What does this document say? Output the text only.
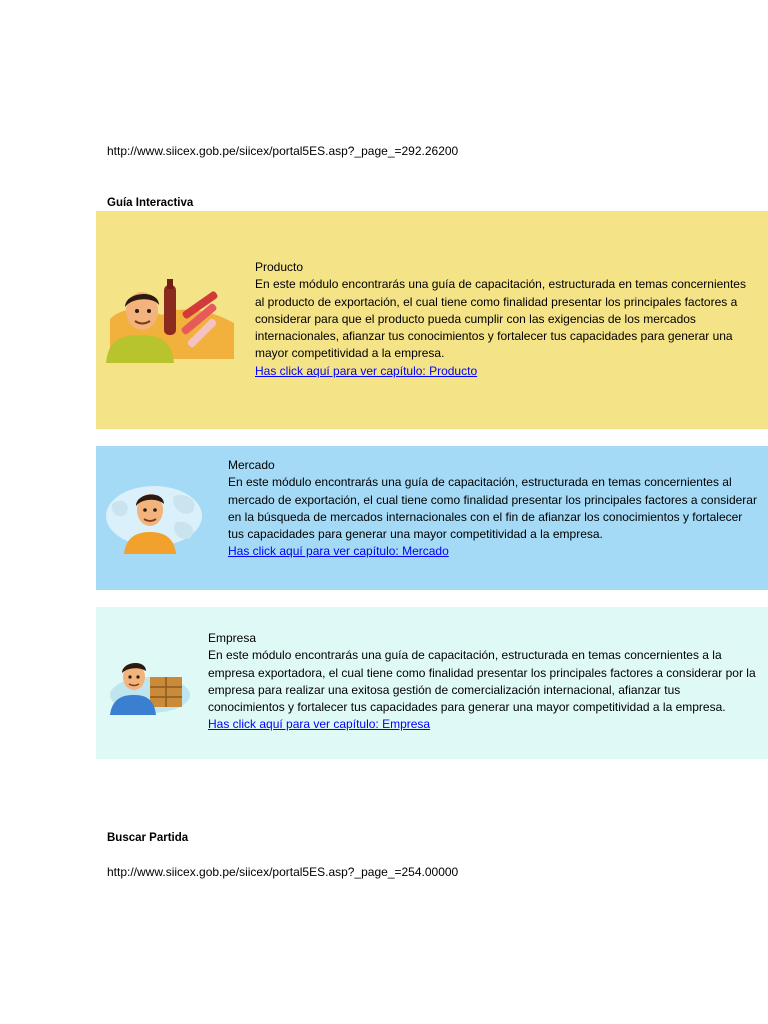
http://www.siicex.gob.pe/siicex/portal5ES.asp?_page_=292.26200

Guía Interactiva

Producto
En este módulo encontrarás una guía de capacitación, estructurada en temas concernientes al producto de exportación, el cual tiene como finalidad presentar los principales factores a considerar para que el producto pueda cumplir con las exigencias de los mercados internacionales, afianzar tus conocimientos y fortalecer tus capacidades para generar una mayor competitividad a la empresa.
Has click aquí para ver capítulo: Producto
Mercado
En este módulo encontrarás una guía de capacitación, estructurada en temas concernientes al mercado de exportación, el cual tiene como finalidad presentar los principales factores a considerar en la búsqueda de mercados internacionales con el fin de afianzar los conocimientos y fortalecer tus capacidades para generar una mayor competitividad a la empresa.
Has click aquí para ver capítulo: Mercado
Empresa
En este módulo encontrarás una guía de capacitación, estructurada en temas concernientes a la empresa exportadora, el cual tiene como finalidad presentar los principales factores a considerar por la empresa para realizar una exitosa gestión de comercialización internacional, afianzar tus conocimientos y fortalecer tus capacidades para generar una mayor competitividad a la empresa.
Has click aquí para ver capítulo: Empresa

Buscar Partida

http://www.siicex.gob.pe/siicex/portal5ES.asp?_page_=254.00000
